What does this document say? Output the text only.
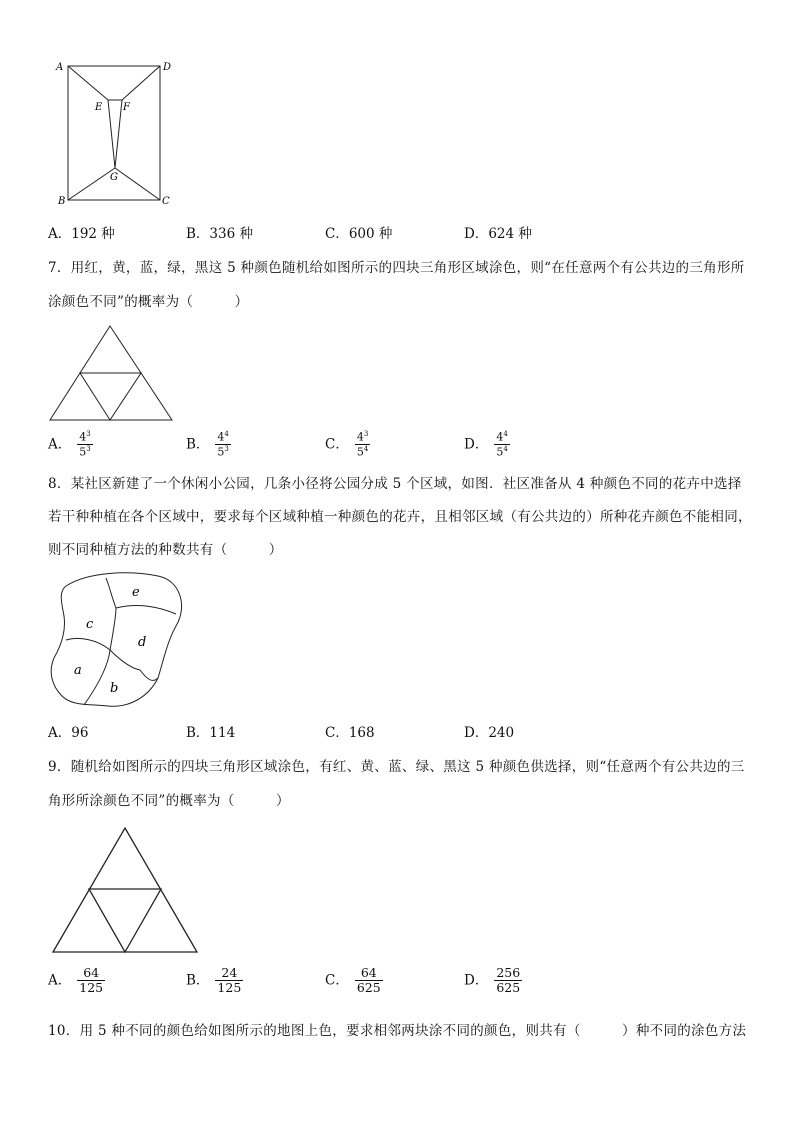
A	D
E F
G
B	C
A．192 种	B．336 种	C．600 种	D．624 种
7．用红，黄，蓝，绿，黑这 5 种颜色随机给如图所示的四块三角形区域涂色，则“在任意两个有公共边的三角形所
涂颜色不同”的概率为（　　　）
A． $\frac{4^3}{5^3}$	B． $\frac{4^4}{5^3}$	C． $\frac{4^3}{5^4}$	D． $\frac{4^4}{5^4}$
8．某社区新建了一个休闲小公园，几条小径将公园分成 5 个区域，如图．社区准备从 4 种颜色不同的花卉中选择
若干种种植在各个区域中，要求每个区域种植一种颜色的花卉，且相邻区域（有公共边的）所种花卉颜色不能相同，
则不同种植方法的种数共有（　　　）
e
c
d
a
b
A．96	B．114	C．168	D．240
9．随机给如图所示的四块三角形区域涂色，有红、黄、蓝、绿、黑这 5 种颜色供选择，则“任意两个有公共边的三
角形所涂颜色不同”的概率为（　　　）
A． $\frac{64}{125}$	B． $\frac{24}{125}$	C． $\frac{64}{625}$	D． $\frac{256}{625}$
10．用 5 种不同的颜色给如图所示的地图上色，要求相邻两块涂不同的颜色，则共有（　　　）种不同的涂色方法
